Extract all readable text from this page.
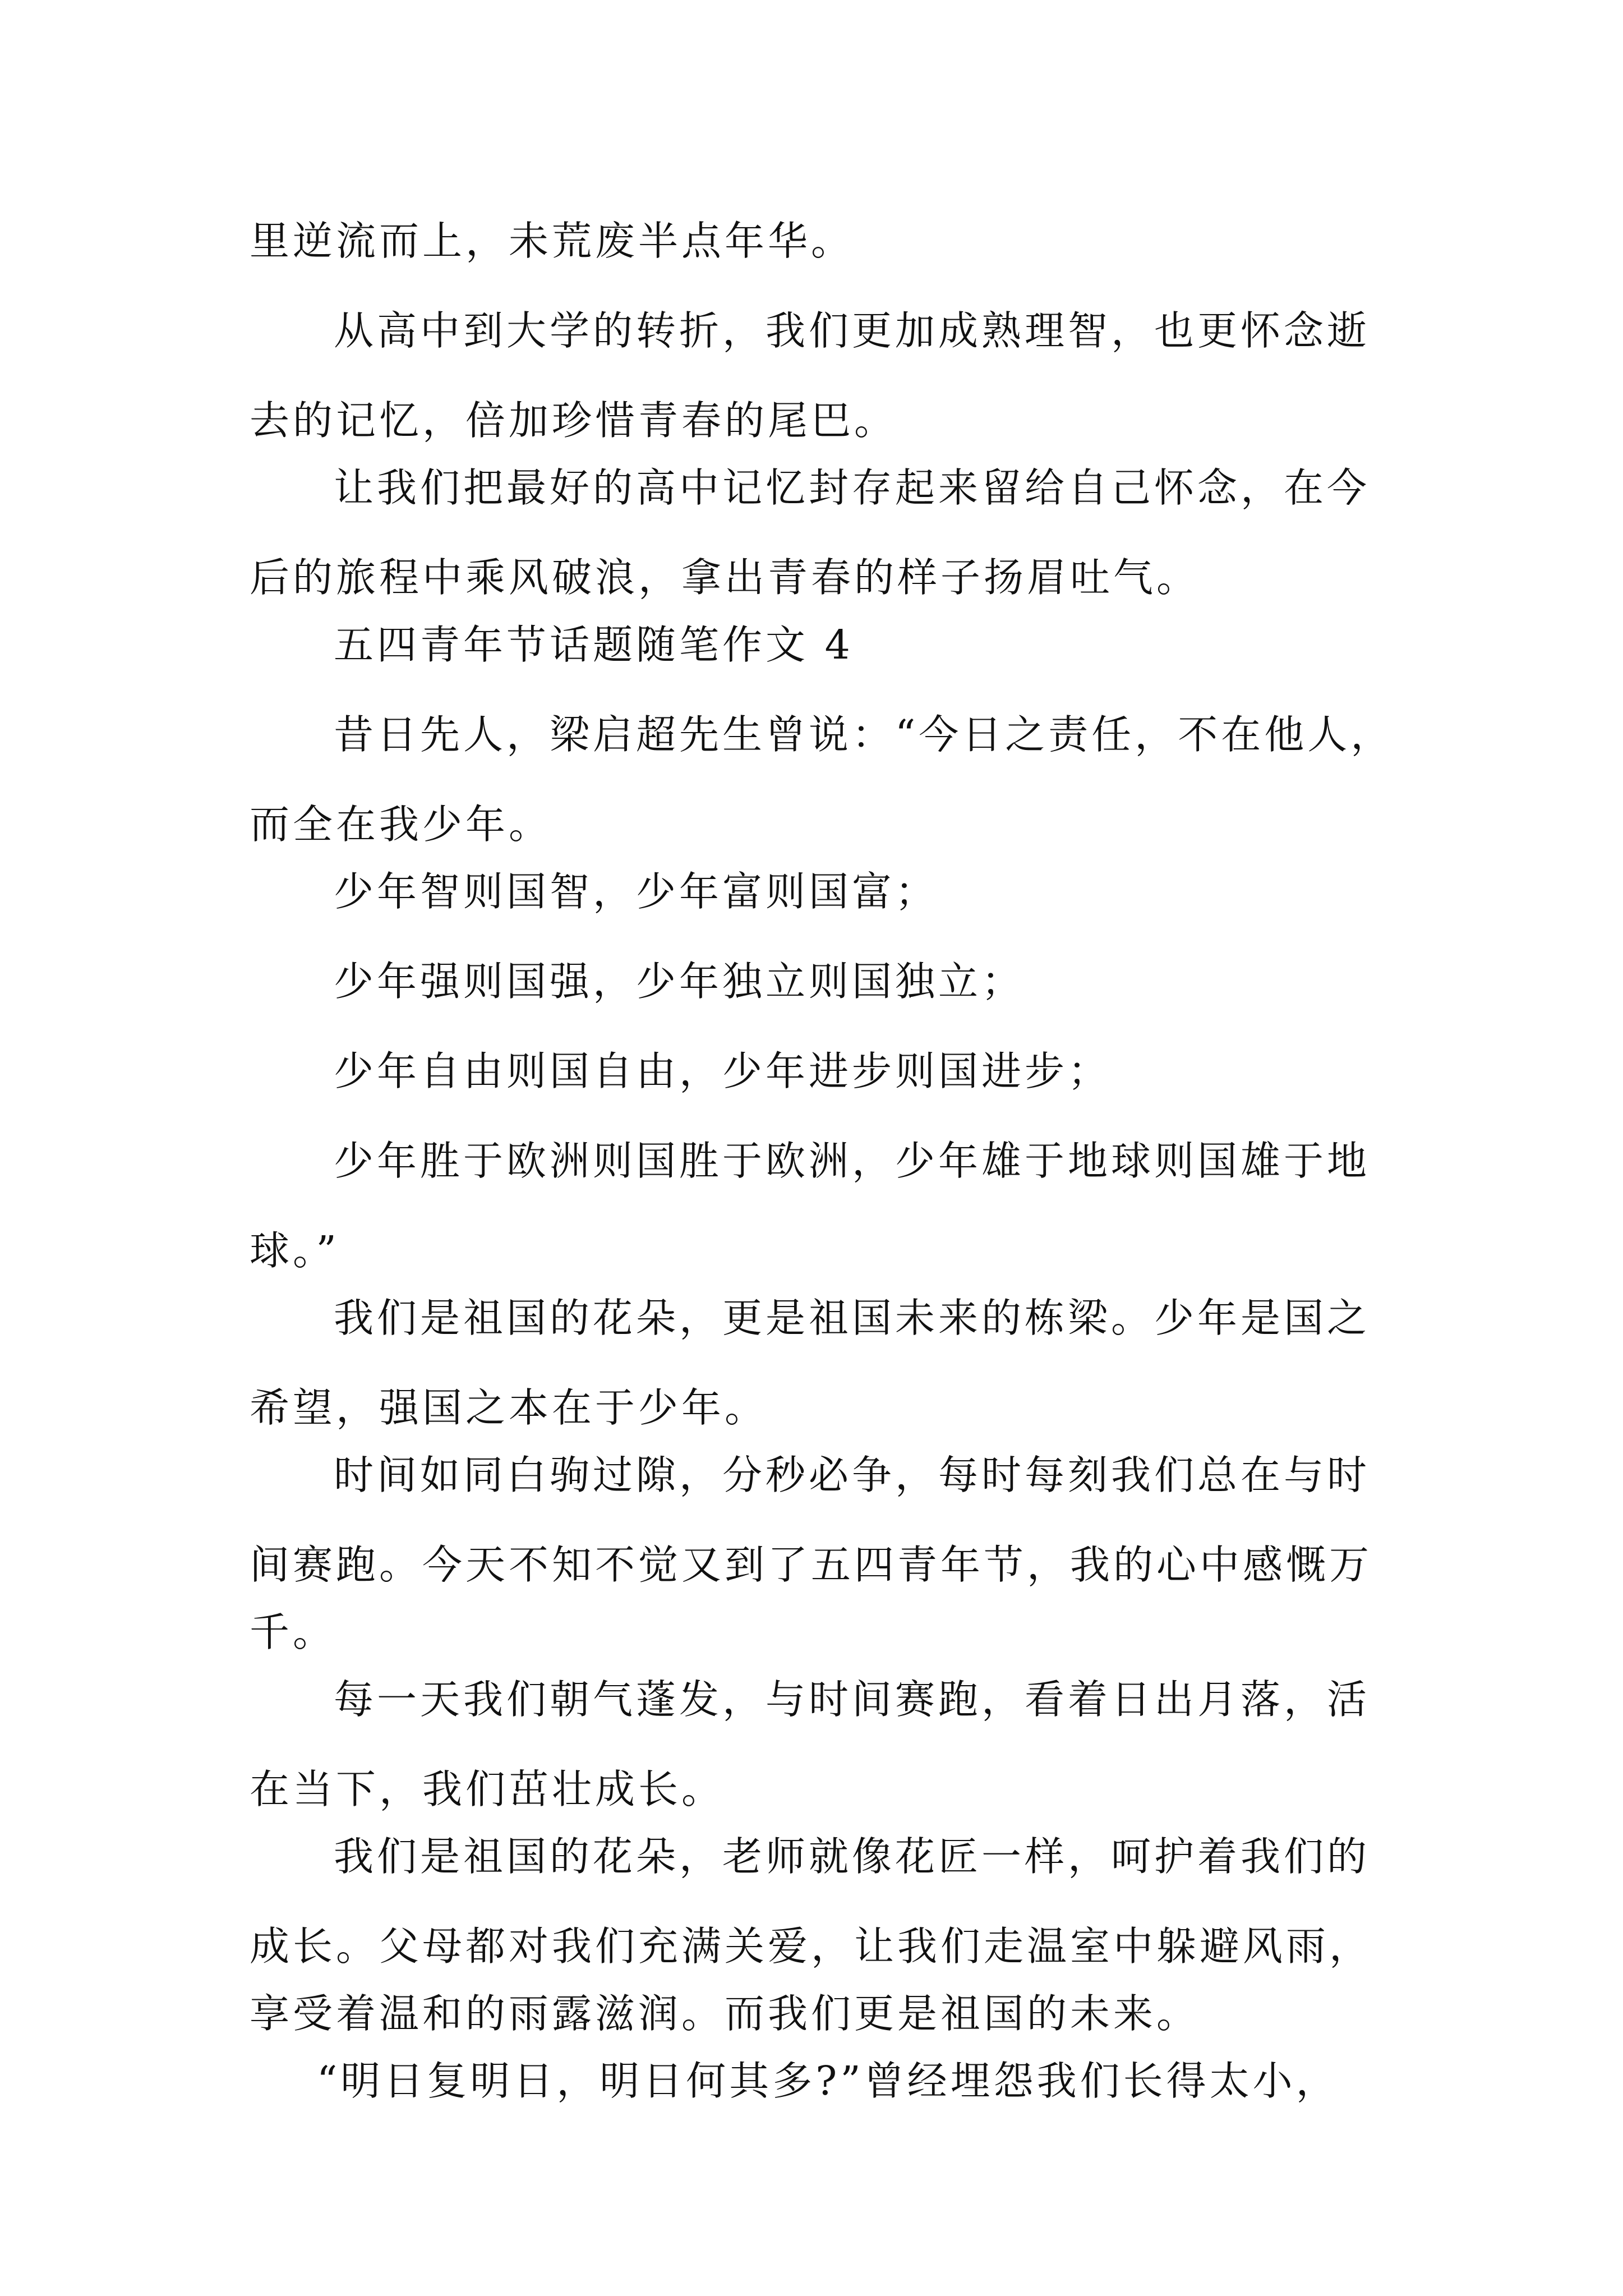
里逆流而上，未荒废半点年华。
从高中到大学的转折，我们更加成熟理智，也更怀念逝
去的记忆，倍加珍惜青春的尾巴。
让我们把最好的高中记忆封存起来留给自己怀念，在今
后的旅程中乘风破浪，拿出青春的样子扬眉吐气。
五四青年节话题随笔作文 4
昔日先人，梁启超先生曾说：“今日之责任，不在他人，
而全在我少年。
少年智则国智，少年富则国富；
少年强则国强，少年独立则国独立；
少年自由则国自由，少年进步则国进步；
少年胜于欧洲则国胜于欧洲，少年雄于地球则国雄于地
球。”
我们是祖国的花朵，更是祖国未来的栋梁。少年是国之
希望，强国之本在于少年。
时间如同白驹过隙，分秒必争，每时每刻我们总在与时
间赛跑。今天不知不觉又到了五四青年节，我的心中感慨万
千。
每一天我们朝气蓬发，与时间赛跑，看着日出月落，活
在当下，我们茁壮成长。
我们是祖国的花朵，老师就像花匠一样，呵护着我们的
成长。父母都对我们充满关爱，让我们走温室中躲避风雨，
享受着温和的雨露滋润。而我们更是祖国的未来。
“明日复明日，明日何其多?”曾经埋怨我们长得太小，
